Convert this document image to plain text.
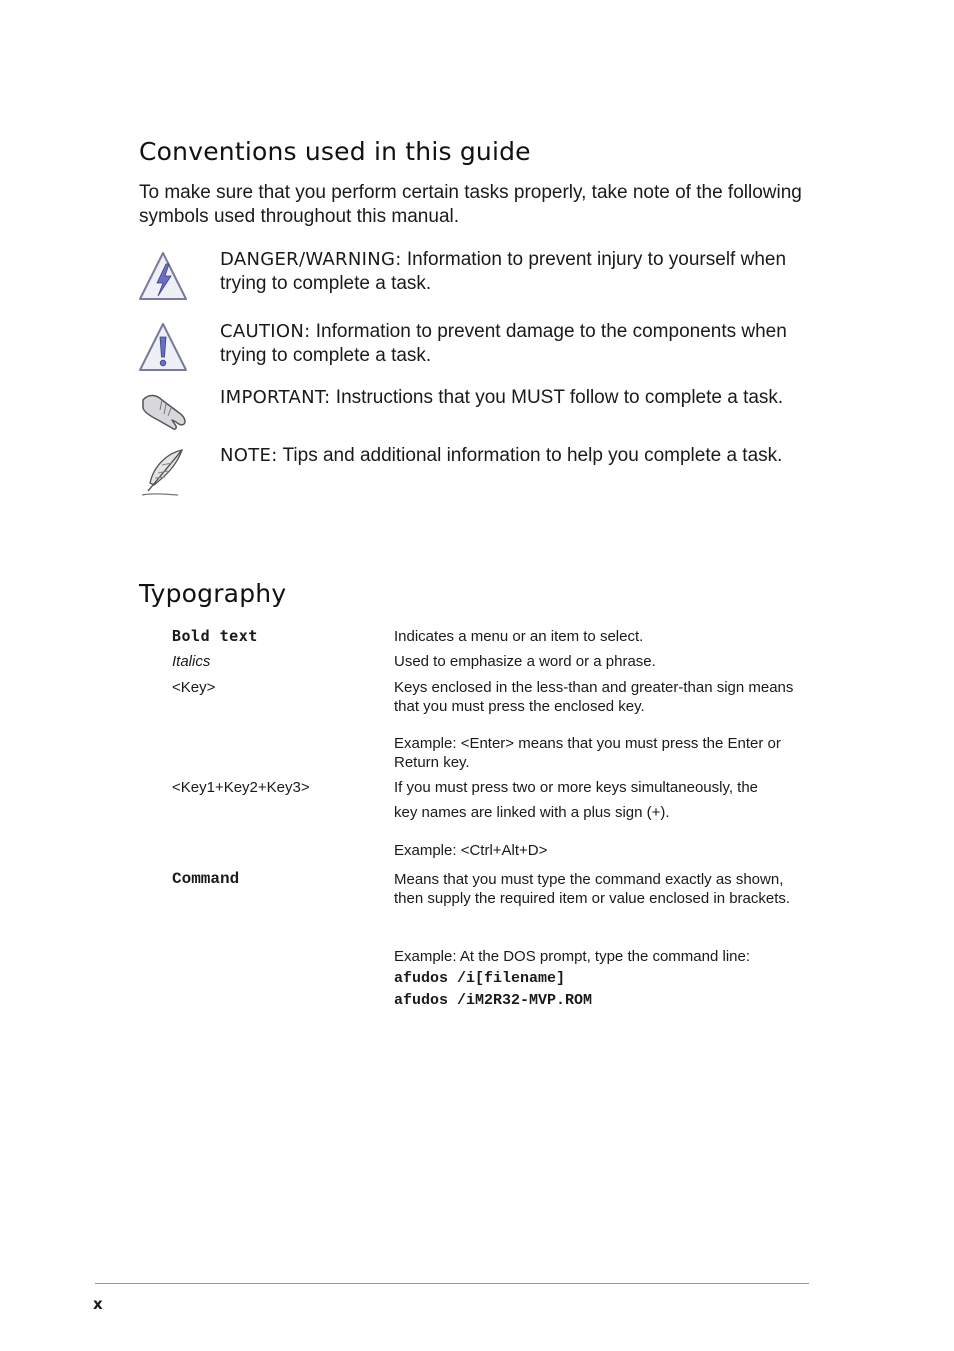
Conventions used in this guide

To make sure that you perform certain tasks properly, take note of the following symbols used throughout this manual.

DANGER/WARNING: Information to prevent injury to yourself when trying to complete a task.

CAUTION: Information to prevent damage to the components when trying to complete a task.

IMPORTANT: Instructions that you MUST follow to complete a task.

NOTE: Tips and additional information to help you complete a task.

Typography

Bold text	Indicates a menu or an item to select.

Italics	Used to emphasize a word or a phrase.

<Key>	Keys enclosed in the less-than and greater-than sign means that you must press the enclosed key.

Example: <Enter> means that you must press the Enter or Return key.

<Key1+Key2+Key3>	If you must press two or more keys simultaneously, the

key names are linked with a plus sign (+).

Example: <Ctrl+Alt+D>

Command	Means that you must type the command exactly as shown, then supply the required item or value enclosed in brackets.

Example: At the DOS prompt, type the command line:
afudos /i[filename]
afudos /iM2R32-MVP.ROM

x
